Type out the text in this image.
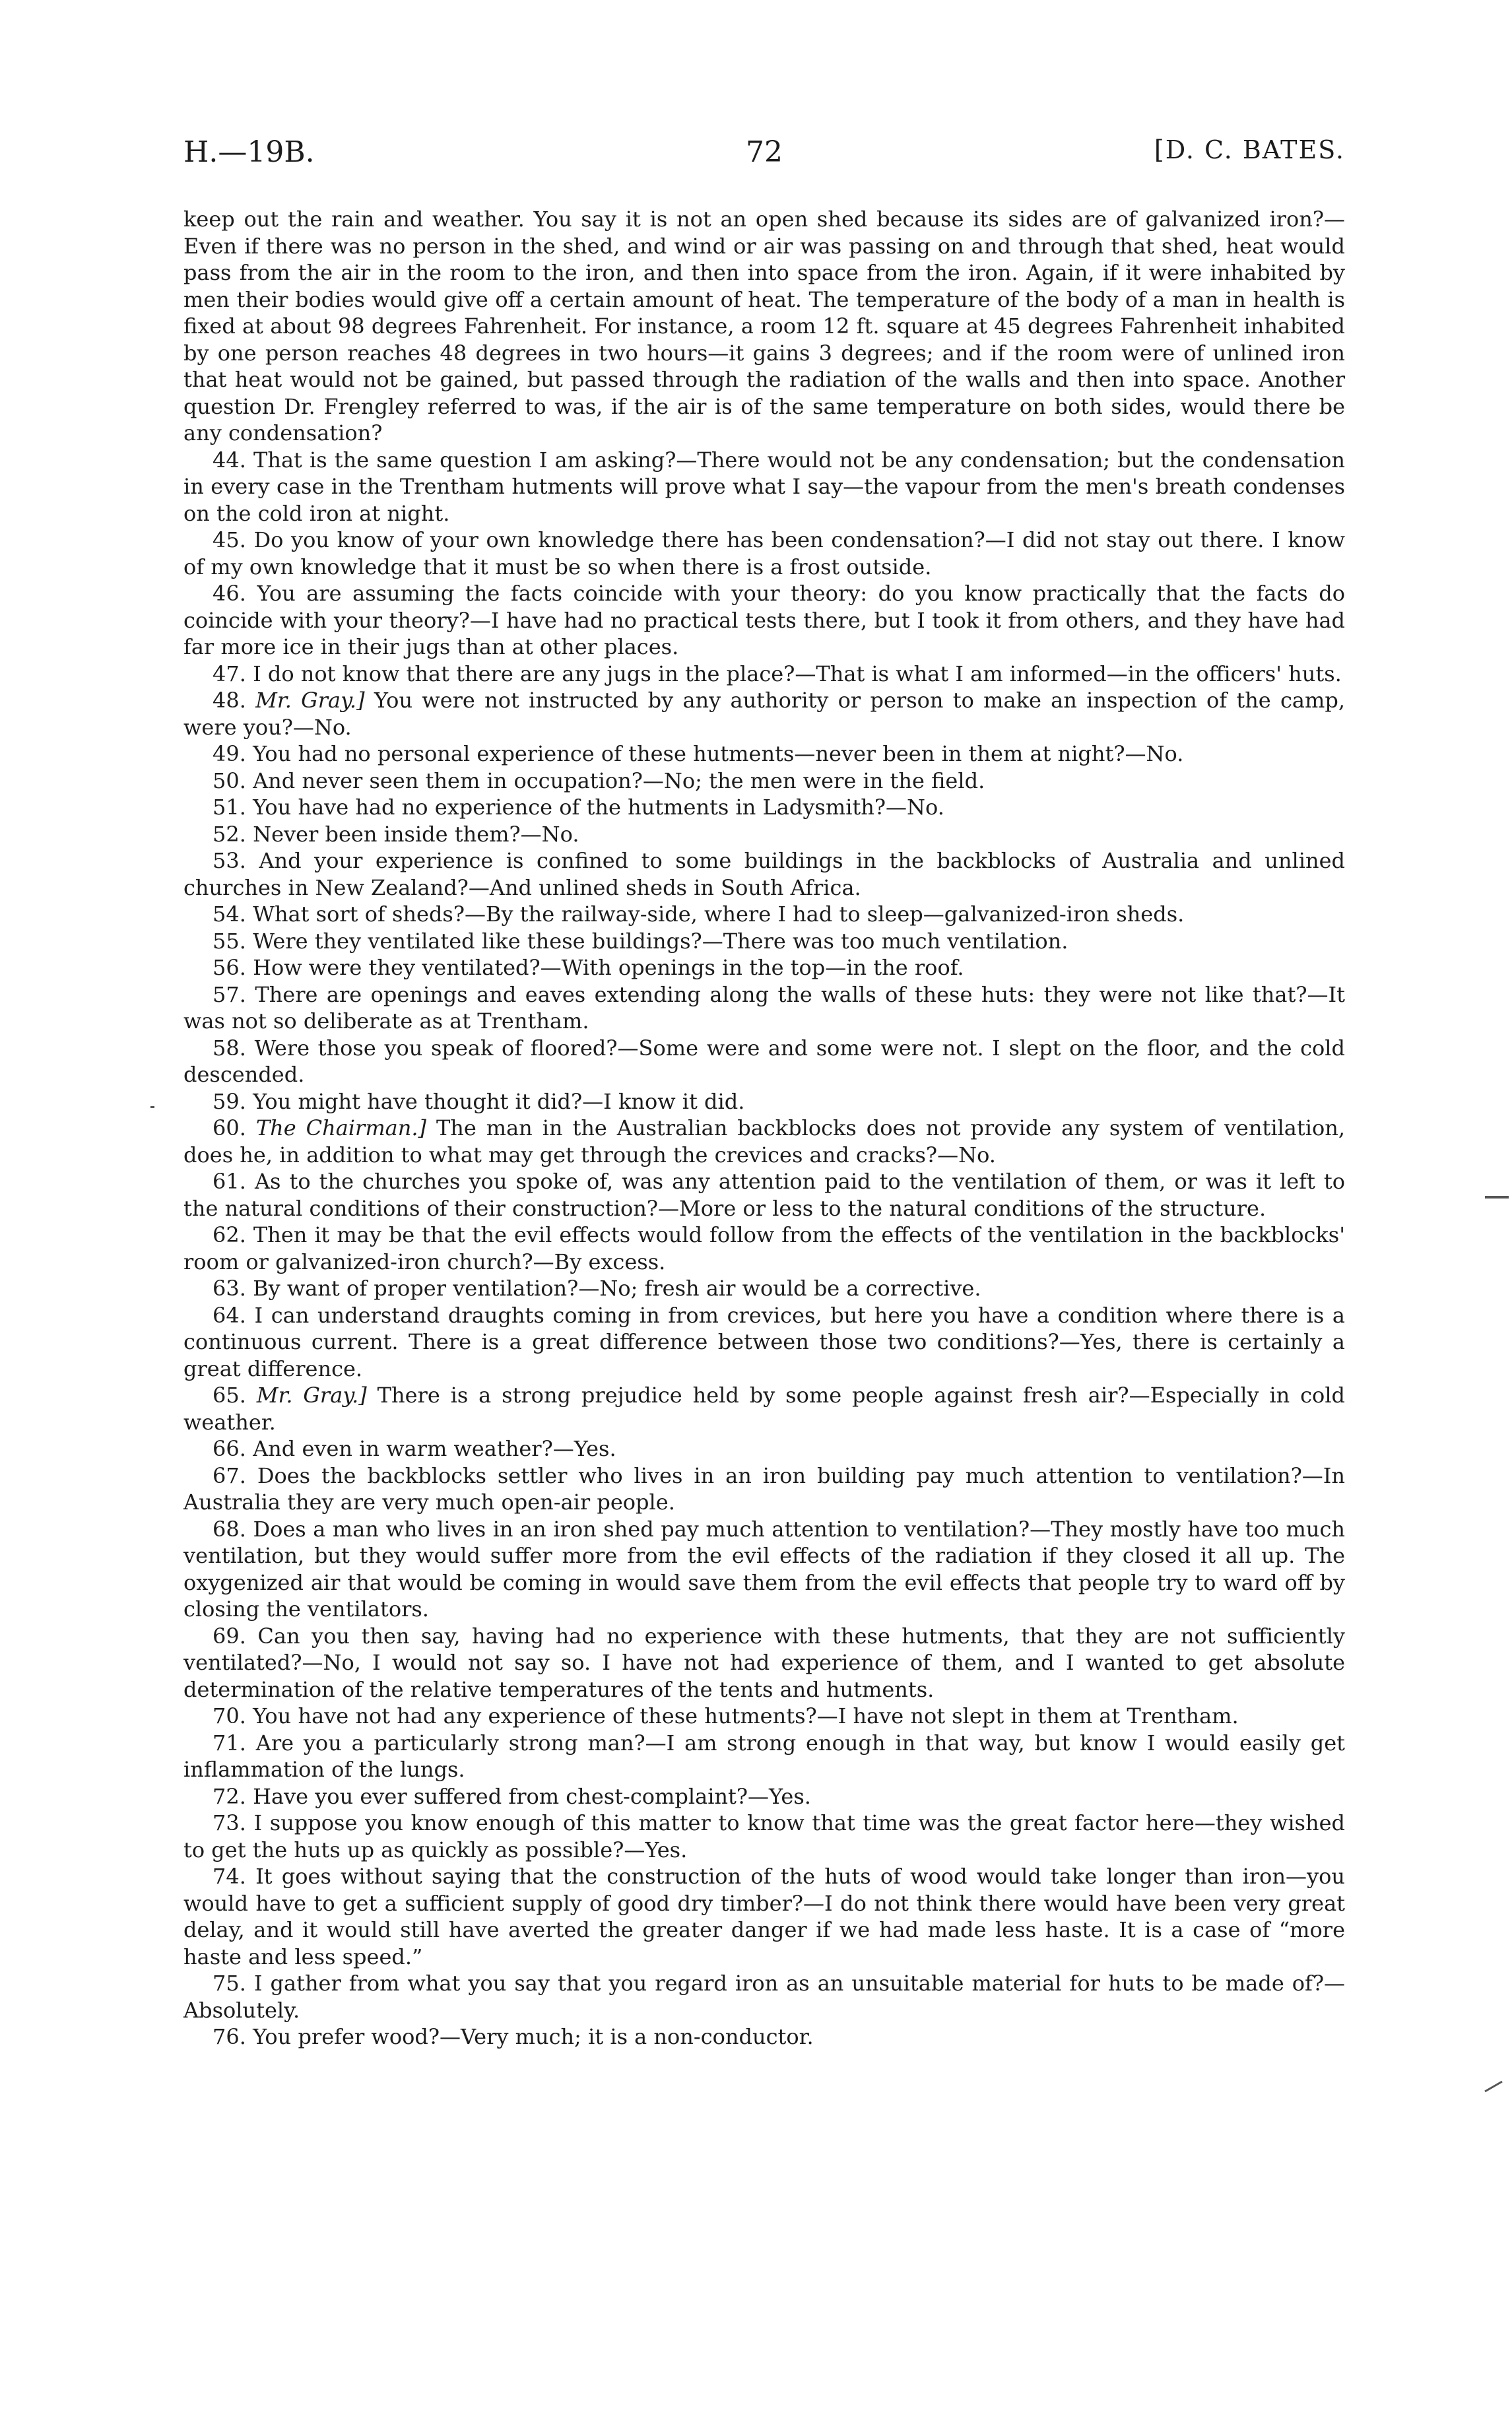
H.—19B.	72	[D. C. BATES.

keep out the rain and weather. You say it is not an open shed because its sides are of galvanized iron?—Even if there was no person in the shed, and wind or air was passing on and through that shed, heat would pass from the air in the room to the iron, and then into space from the iron. Again, if it were inhabited by men their bodies would give off a certain amount of heat. The temperature of the body of a man in health is fixed at about 98 degrees Fahrenheit. For instance, a room 12 ft. square at 45 degrees Fahrenheit inhabited by one person reaches 48 degrees in two hours—it gains 3 degrees; and if the room were of unlined iron that heat would not be gained, but passed through the radiation of the walls and then into space. Another question Dr. Frengley referred to was, if the air is of the same temperature on both sides, would there be any condensation?

44. That is the same question I am asking?—There would not be any condensation; but the condensation in every case in the Trentham hutments will prove what I say—the vapour from the men's breath condenses on the cold iron at night.

45. Do you know of your own knowledge there has been condensation?—I did not stay out there. I know of my own knowledge that it must be so when there is a frost outside.

46. You are assuming the facts coincide with your theory: do you know practically that the facts do coincide with your theory?—I have had no practical tests there, but I took it from others, and they have had far more ice in their jugs than at other places.

47. I do not know that there are any jugs in the place?—That is what I am informed—in the officers' huts.

48. Mr. Gray.] You were not instructed by any authority or person to make an inspection of the camp, were you?—No.

49. You had no personal experience of these hutments—never been in them at night?—No.

50. And never seen them in occupation?—No; the men were in the field.

51. You have had no experience of the hutments in Ladysmith?—No.

52. Never been inside them?—No.

53. And your experience is confined to some buildings in the backblocks of Australia and unlined churches in New Zealand?—And unlined sheds in South Africa.

54. What sort of sheds?—By the railway-side, where I had to sleep—galvanized-iron sheds.

55. Were they ventilated like these buildings?—There was too much ventilation.

56. How were they ventilated?—With openings in the top—in the roof.

57. There are openings and eaves extending along the walls of these huts: they were not like that?—It was not so deliberate as at Trentham.

58. Were those you speak of floored?—Some were and some were not. I slept on the floor, and the cold descended.

59. You might have thought it did?—I know it did.

60. The Chairman.] The man in the Australian backblocks does not provide any system of ventilation, does he, in addition to what may get through the crevices and cracks?—No.

61. As to the churches you spoke of, was any attention paid to the ventilation of them, or was it left to the natural conditions of their construction?—More or less to the natural conditions of the structure.

62. Then it may be that the evil effects would follow from the effects of the ventilation in the backblocks' room or galvanized-iron church?—By excess.

63. By want of proper ventilation?—No; fresh air would be a corrective.

64. I can understand draughts coming in from crevices, but here you have a condition where there is a continuous current. There is a great difference between those two conditions?—Yes, there is certainly a great difference.

65. Mr. Gray.] There is a strong prejudice held by some people against fresh air?—Especially in cold weather.

66. And even in warm weather?—Yes.

67. Does the backblocks settler who lives in an iron building pay much attention to ventilation?—In Australia they are very much open-air people.

68. Does a man who lives in an iron shed pay much attention to ventilation?—They mostly have too much ventilation, but they would suffer more from the evil effects of the radiation if they closed it all up. The oxygenized air that would be coming in would save them from the evil effects that people try to ward off by closing the ventilators.

69. Can you then say, having had no experience with these hutments, that they are not sufficiently ventilated?—No, I would not say so. I have not had experience of them, and I wanted to get absolute determination of the relative temperatures of the tents and hutments.

70. You have not had any experience of these hutments?—I have not slept in them at Trentham.

71. Are you a particularly strong man?—I am strong enough in that way, but know I would easily get inflammation of the lungs.

72. Have you ever suffered from chest-complaint?—Yes.

73. I suppose you know enough of this matter to know that time was the great factor here—they wished to get the huts up as quickly as possible?—Yes.

74. It goes without saying that the construction of the huts of wood would take longer than iron—you would have to get a sufficient supply of good dry timber?—I do not think there would have been very great delay, and it would still have averted the greater danger if we had made less haste. It is a case of “more haste and less speed.”

75. I gather from what you say that you regard iron as an unsuitable material for huts to be made of?—Absolutely.

76. You prefer wood?—Very much; it is a non-conductor.
